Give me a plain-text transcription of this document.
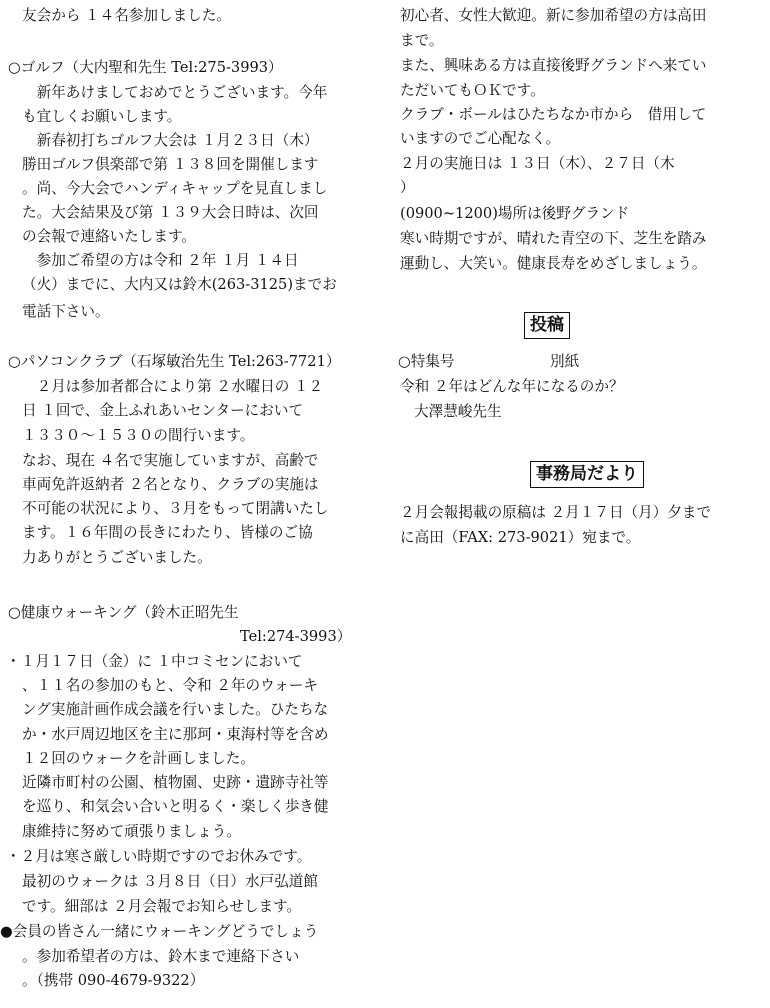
友会から １４名参加しました。
○ゴルフ（大内聖和先生 Tel:275-3993）
　新年あけましておめでとうございます。今年
も宜しくお願いします。
　新春初打ちゴルフ大会は １月２３日（木）
勝田ゴルフ倶楽部で第 １３８回を開催します
。尚、今大会でハンディキャップを見直しまし
た。大会結果及び第 １３９大会日時は、次回
の会報で連絡いたします。
　参加ご希望の方は令和 ２年 １月 １４日
（火）までに、大内又は鈴木(263-3125)までお
電話下さい。
○パソコンクラブ（石塚敏治先生 Tel:263-7721）
　２月は参加者都合により第 ２水曜日の １２
日 １回で、金上ふれあいセンターにおいて
１３３０～１５３０の間行います。
なお、現在 ４名で実施していますが、高齢で
車両免許返納者 ２名となり、クラブの実施は
不可能の状況により、３月をもって閉講いたし
ます。１６年間の長きにわたり、皆様のご協
力ありがとうございました。
○健康ウォーキング（鈴木正昭先生
Tel:274-3993）
・１月１７日（金）に １中コミセンにおいて
、１１名の参加のもと、令和 ２年のウォーキ
ング実施計画作成会議を行いました。ひたちな
か・水戸周辺地区を主に那珂・東海村等を含め
１２回のウォークを計画しました。
近隣市町村の公園、植物園、史跡・遺跡寺社等
を巡り、和気会い合いと明るく・楽しく歩き健
康維持に努めて頑張りましょう。
・２月は寒さ厳しい時期ですのでお休みです。
最初のウォークは ３月８日（日）水戸弘道館
です。細部は ２月会報でお知らせします。
●会員の皆さん一緒にウォーキングどうでしょう
。参加希望者の方は、鈴木まで連絡下さい
。（携帯 090-4679-9322）
初心者、女性大歓迎。新に参加希望の方は高田
まで。
また、興味ある方は直接後野グランドへ来てい
ただいてもＯＫです。
クラブ・ボールはひたちなか市から　借用して
いますのでご心配なく。
２月の実施日は １３日（木）、２７日（木
）
(0900~1200)場所は後野グランド
寒い時期ですが、晴れた青空の下、芝生を踏み
運動し、大笑い。健康長寿をめざしましょう。
投稿
○特集号	別紙
令和 ２年はどんな年になるのか？
大澤慧峻先生
事務局だより
２月会報掲載の原稿は ２月１７日（月）夕まで
に高田（FAX: 273-9021）宛まで。
